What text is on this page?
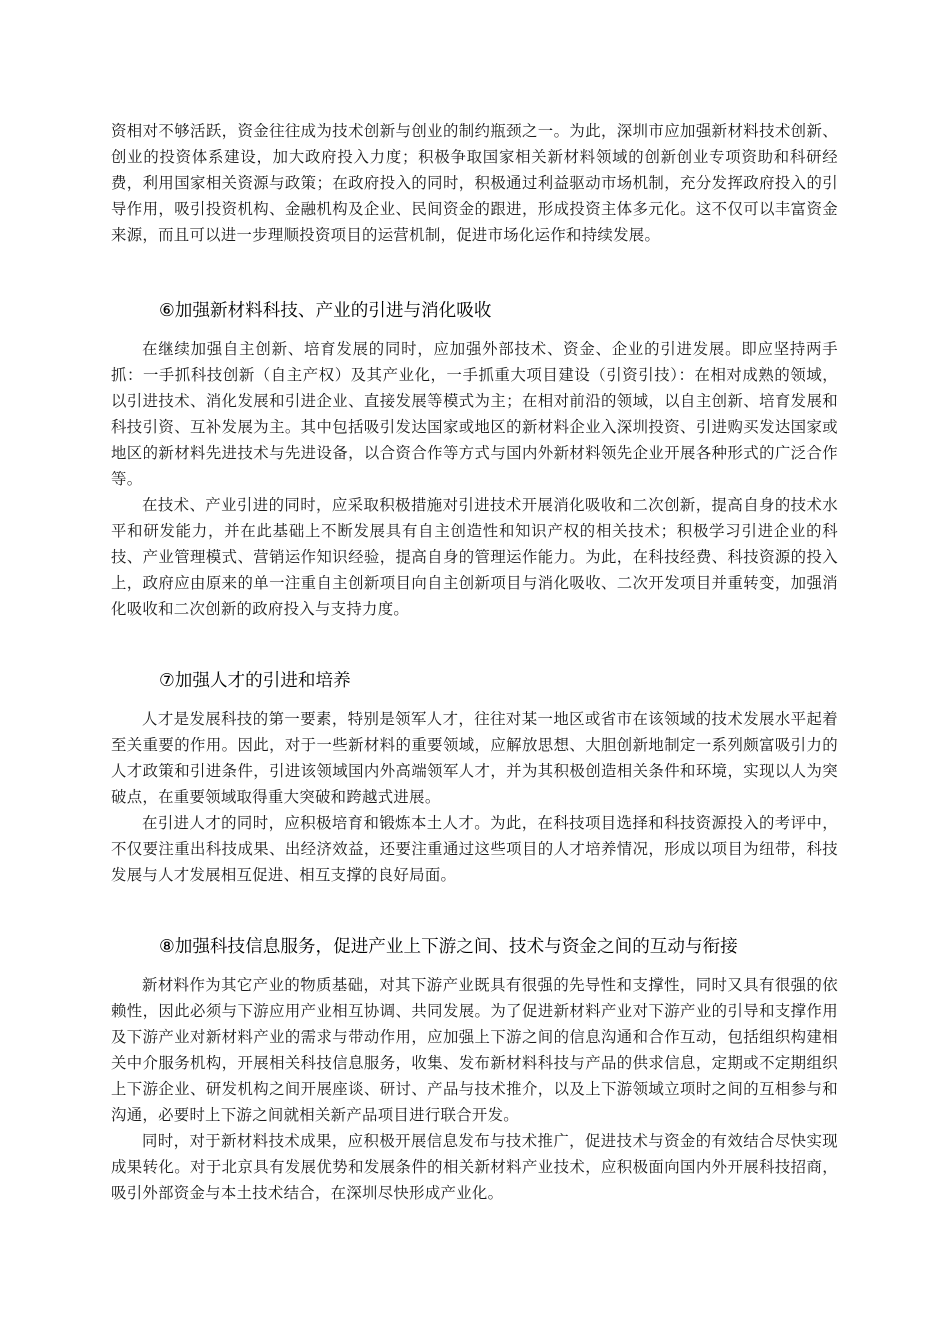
资相对不够活跃，资金往往成为技术创新与创业的制约瓶颈之一。为此，深圳市应加强新材料技术创新、创业的投资体系建设，加大政府投入力度；积极争取国家相关新材料领域的创新创业专项资助和科研经费，利用国家相关资源与政策；在政府投入的同时，积极通过利益驱动市场机制，充分发挥政府投入的引导作用，吸引投资机构、金融机构及企业、民间资金的跟进，形成投资主体多元化。这不仅可以丰富资金来源，而且可以进一步理顺投资项目的运营机制，促进市场化运作和持续发展。

⑥加强新材料科技、产业的引进与消化吸收

在继续加强自主创新、培育发展的同时，应加强外部技术、资金、企业的引进发展。即应坚持两手抓：一手抓科技创新（自主产权）及其产业化，一手抓重大项目建设（引资引技）：在相对成熟的领域，以引进技术、消化发展和引进企业、直接发展等模式为主；在相对前沿的领域，以自主创新、培育发展和科技引资、互补发展为主。其中包括吸引发达国家或地区的新材料企业入深圳投资、引进购买发达国家或地区的新材料先进技术与先进设备，以合资合作等方式与国内外新材料领先企业开展各种形式的广泛合作等。

在技术、产业引进的同时，应采取积极措施对引进技术开展消化吸收和二次创新，提高自身的技术水平和研发能力，并在此基础上不断发展具有自主创造性和知识产权的相关技术；积极学习引进企业的科技、产业管理模式、营销运作知识经验，提高自身的管理运作能力。为此，在科技经费、科技资源的投入上，政府应由原来的单一注重自主创新项目向自主创新项目与消化吸收、二次开发项目并重转变，加强消化吸收和二次创新的政府投入与支持力度。

⑦加强人才的引进和培养

人才是发展科技的第一要素，特别是领军人才，往往对某一地区或省市在该领域的技术发展水平起着至关重要的作用。因此，对于一些新材料的重要领域，应解放思想、大胆创新地制定一系列颇富吸引力的人才政策和引进条件，引进该领域国内外高端领军人才，并为其积极创造相关条件和环境，实现以人为突破点，在重要领域取得重大突破和跨越式进展。

在引进人才的同时，应积极培育和锻炼本土人才。为此，在科技项目选择和科技资源投入的考评中，不仅要注重出科技成果、出经济效益，还要注重通过这些项目的人才培养情况，形成以项目为纽带，科技发展与人才发展相互促进、相互支撑的良好局面。

⑧加强科技信息服务，促进产业上下游之间、技术与资金之间的互动与衔接

新材料作为其它产业的物质基础，对其下游产业既具有很强的先导性和支撑性，同时又具有很强的依赖性，因此必须与下游应用产业相互协调、共同发展。为了促进新材料产业对下游产业的引导和支撑作用及下游产业对新材料产业的需求与带动作用，应加强上下游之间的信息沟通和合作互动，包括组织构建相关中介服务机构，开展相关科技信息服务，收集、发布新材料科技与产品的供求信息，定期或不定期组织上下游企业、研发机构之间开展座谈、研讨、产品与技术推介，以及上下游领域立项时之间的互相参与和沟通，必要时上下游之间就相关新产品项目进行联合开发。

同时，对于新材料技术成果，应积极开展信息发布与技术推广，促进技术与资金的有效结合尽快实现成果转化。对于北京具有发展优势和发展条件的相关新材料产业技术，应积极面向国内外开展科技招商，吸引外部资金与本土技术结合，在深圳尽快形成产业化。
